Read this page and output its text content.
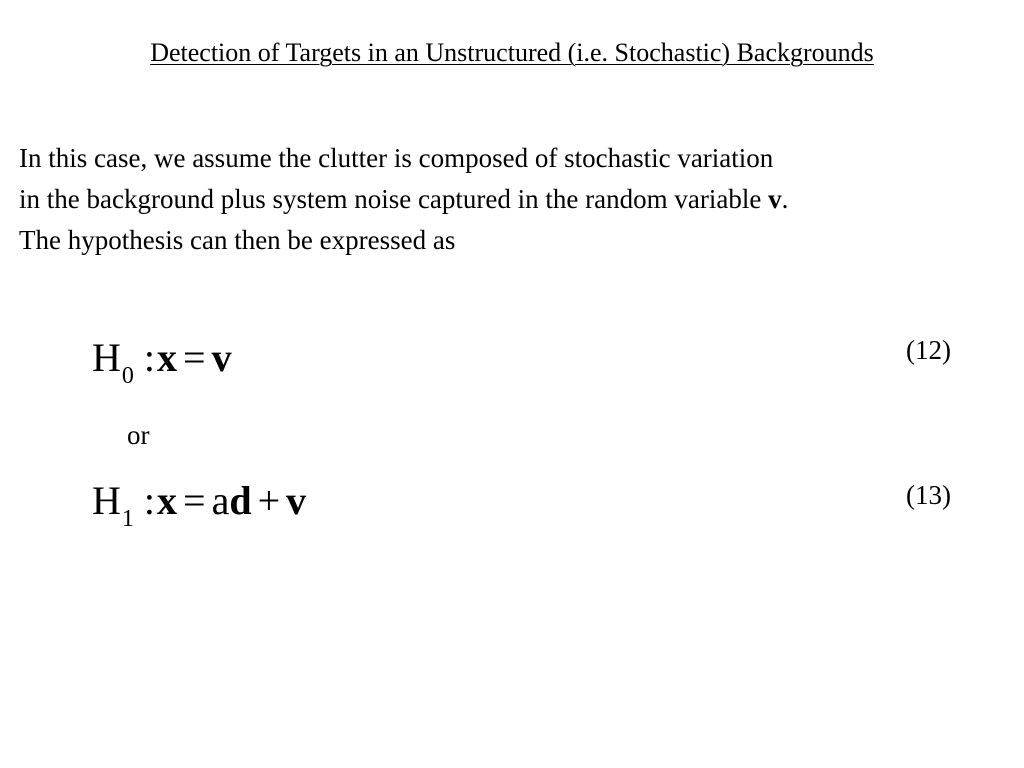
Detection of Targets in an Unstructured (i.e. Stochastic) Backgrounds
In this case, we assume the clutter is composed of stochastic variation
in the background plus system noise captured in the random variable v.
The hypothesis can then be expressed as
$H_0$ :x = v	(12)
or
$H_1$ :x = ad + v	(13)
